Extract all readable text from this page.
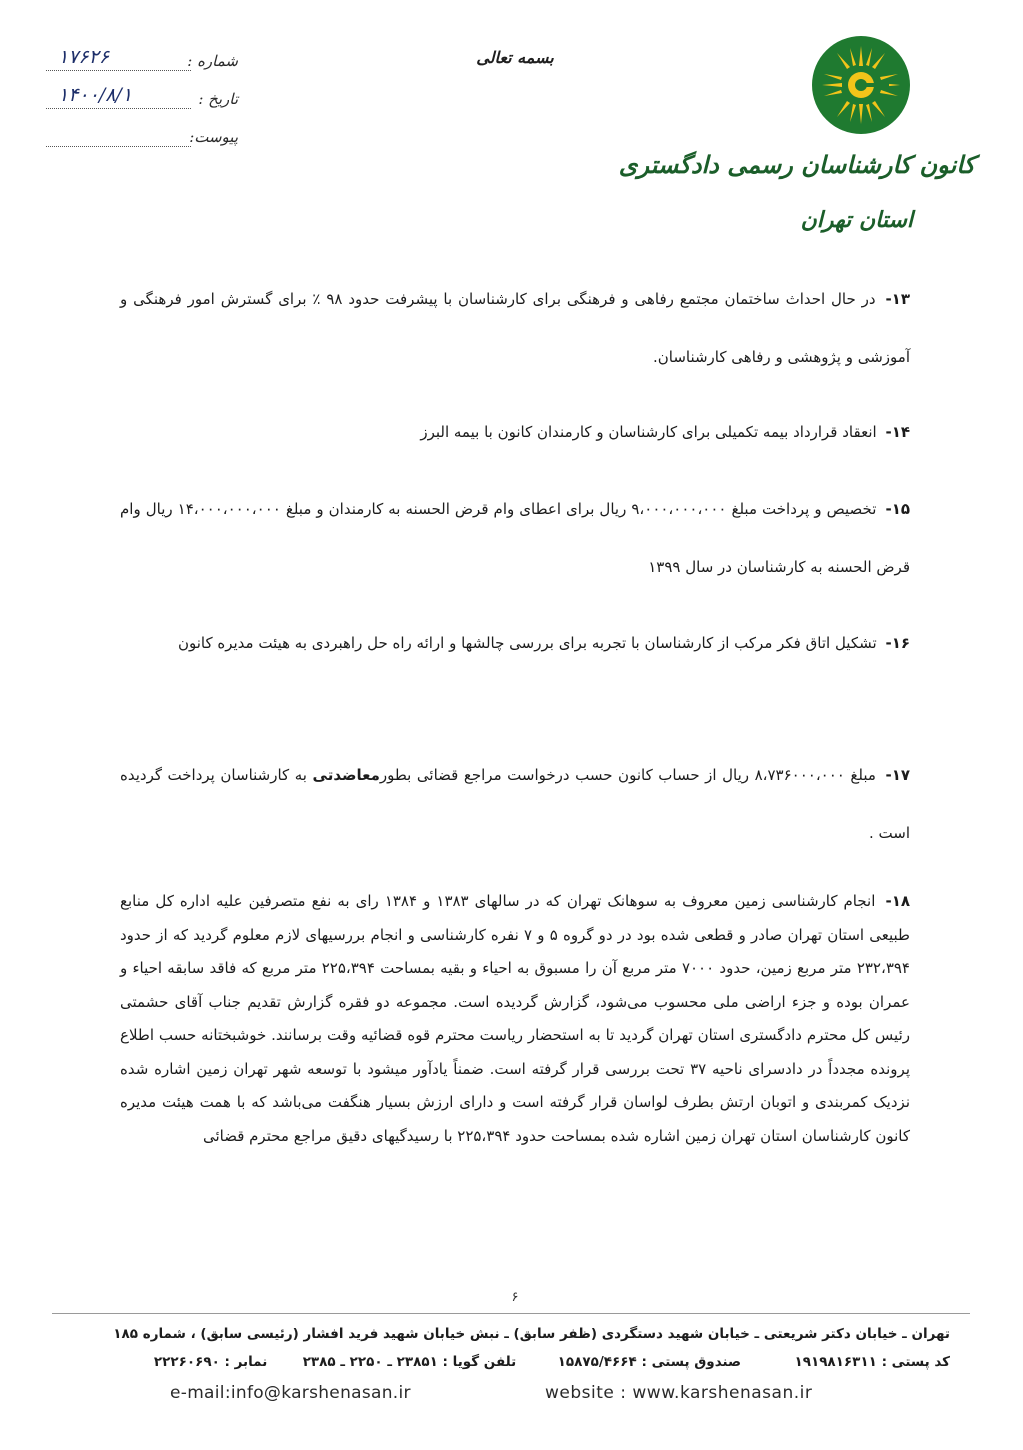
۱۷۶۲۶	شماره :
۱۴۰۰/۸/۱	تاریخ :
پیوست:
بسمه تعالی
کانون کارشناسان رسمی دادگستری
استان تهران
۱۳- در حال احداث ساختمان مجتمع رفاهی و فرهنگی برای کارشناسان با پیشرفت حدود ۹۸ ٪ برای گسترش امور فرهنگی و آموزشی و پژوهشی و رفاهی کارشناسان.
۱۴- انعقاد قرارداد بیمه تکمیلی برای کارشناسان و کارمندان کانون با بیمه البرز
۱۵- تخصیص و پرداخت مبلغ ۹،۰۰۰،۰۰۰،۰۰۰ ریال برای اعطای وام قرض الحسنه به کارمندان و مبلغ ۱۴،۰۰۰،۰۰۰،۰۰۰ ریال وام قرض الحسنه به کارشناسان در سال ۱۳۹۹
۱۶- تشکیل اتاق فکر مرکب از کارشناسان با تجربه برای بررسی چالشها و ارائه راه حل راهبردی به هیئت مدیره کانون
۱۷- مبلغ ۸،۷۳۶۰۰۰،۰۰۰ ریال از حساب کانون حسب درخواست مراجع قضائی بطورمعاضدتی به کارشناسان پرداخت گردیده است .
۱۸- انجام کارشناسی زمین معروف به سوهانک تهران که در سالهای ۱۳۸۳ و ۱۳۸۴ رای به نفع متصرفین علیه اداره کل منابع طبیعی استان تهران صادر و قطعی شده بود در دو گروه ۵ و ۷ نفره کارشناسی و انجام بررسیهای لازم معلوم گردید که از حدود ۲۳۲،۳۹۴ متر مربع زمین، حدود ۷۰۰۰ متر مربع آن را مسبوق به احیاء و بقیه بمساحت ۲۲۵،۳۹۴ متر مربع که فاقد سابقه احیاء و عمران بوده و جزء اراضی ملی محسوب می‌شود، گزارش گردیده است. مجموعه دو فقره گزارش تقدیم جناب آقای حشمتی رئیس کل محترم دادگستری استان تهران گردید تا به استحضار ریاست محترم قوه قضائیه وقت برسانند. خوشبختانه حسب اطلاع پرونده مجدداً در دادسرای ناحیه ۳۷ تحت بررسی قرار گرفته است. ضمناً یادآور میشود با توسعه شهر تهران زمین اشاره شده نزدیک کمربندی و اتوبان ارتش بطرف لواسان قرار گرفته است و دارای ارزش بسیار هنگفت می‌باشد که با همت هیئت مدیره کانون کارشناسان استان تهران زمین اشاره شده بمساحت حدود ۲۲۵،۳۹۴ با رسیدگیهای دقیق مراجع محترم قضائی
۶
تهران ـ خیابان دکتر شریعتی ـ خیابان شهید دستگردی (ظفر سابق) ـ نبش خیابان شهید فرید افشار (رئیسی سابق) ، شماره ۱۸۵
کد پستی : ۱۹۱۹۸۱۶۳۱۱  صندوق پستی : ۱۵۸۷۵/۴۶۶۴  تلفن گویا : ۲۳۸۵۱ ـ ۲۲۵۰ ـ ۲۳۸۵  نمابر : ۲۲۲۶۰۶۹۰
website : www.karshenasan.ir
e-mail:info@karshenasan.ir
